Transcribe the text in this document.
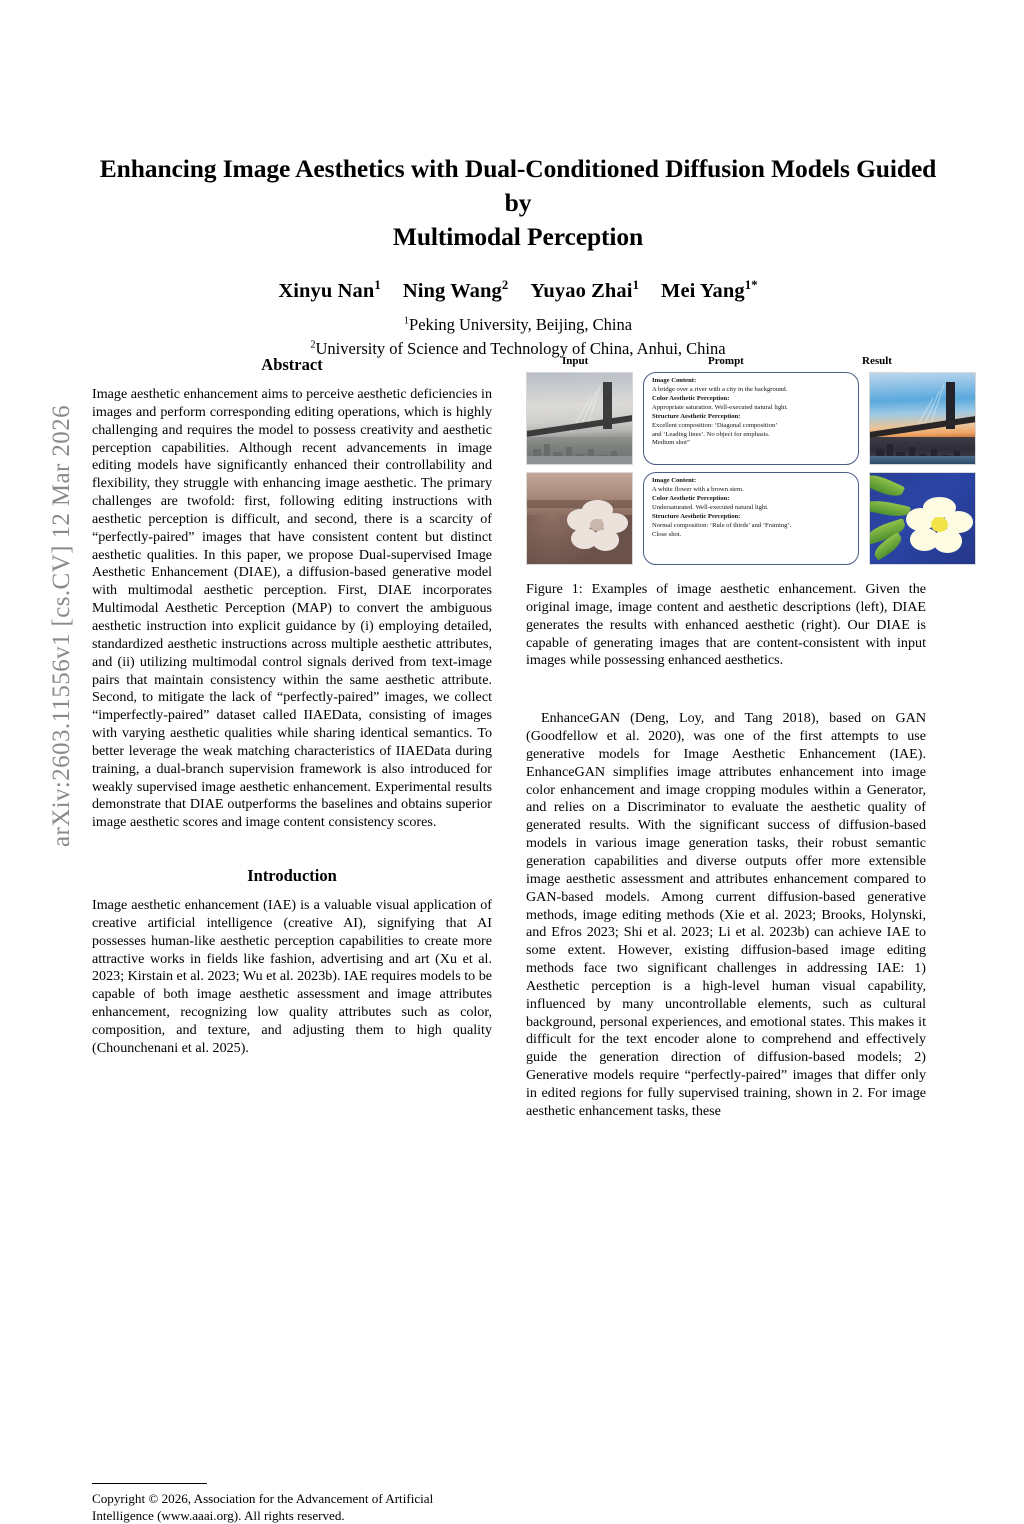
arXiv:2603.11556v1 [cs.CV] 12 Mar 2026
Enhancing Image Aesthetics with Dual-Conditioned Diffusion Models Guided by
Multimodal Perception
Xinyu Nan$^1$ Ning Wang$^2$ Yuyao Zhai$^1$ Mei Yang$^{1*}$
$^1$Peking University, Beijing, China
$^2$University of Science and Technology of China, Anhui, China
Abstract

Image aesthetic enhancement aims to perceive aesthetic deficiencies in images and perform corresponding editing operations, which is highly challenging and requires the model to possess creativity and aesthetic perception capabilities. Although recent advancements in image editing models have significantly enhanced their controllability and flexibility, they struggle with enhancing image aesthetic. The primary challenges are twofold: first, following editing instructions with aesthetic perception is difficult, and second, there is a scarcity of “perfectly-paired” images that have consistent content but distinct aesthetic qualities. In this paper, we propose Dual-supervised Image Aesthetic Enhancement (DIAE), a diffusion-based generative model with multimodal aesthetic perception. First, DIAE incorporates Multimodal Aesthetic Perception (MAP) to convert the ambiguous aesthetic instruction into explicit guidance by (i) employing detailed, standardized aesthetic instructions across multiple aesthetic attributes, and (ii) utilizing multimodal control signals derived from text-image pairs that maintain consistency within the same aesthetic attribute. Second, to mitigate the lack of “perfectly-paired” images, we collect “imperfectly-paired” dataset called IIAEData, consisting of images with varying aesthetic qualities while sharing identical semantics. To better leverage the weak matching characteristics of IIAEData during training, a dual-branch supervision framework is also introduced for weakly supervised image aesthetic enhancement. Experimental results demonstrate that DIAE outperforms the baselines and obtains superior image aesthetic scores and image content consistency scores.

Introduction

Image aesthetic enhancement (IAE) is a valuable visual application of creative artificial intelligence (creative AI), signifying that AI possesses human-like aesthetic perception capabilities to create more attractive works in fields like fashion, advertising and art (Xu et al. 2023; Kirstain et al. 2023; Wu et al. 2023b). IAE requires models to be capable of both image aesthetic assessment and image attributes enhancement, recognizing low quality attributes such as color, composition, and texture, and adjusting them to high quality (Chounchenani et al. 2025).

Copyright © 2026, Association for the Advancement of Artificial Intelligence (www.aaai.org). All rights reserved.

Input	Prompt	Result
Image Content:
A bridge over a river with a city in the background.
Color Aesthetic Perception:
Appropriate saturation. Well-executed natural light.
Structure Aesthetic Perception:
Excellent composition: ‘Diagonal composition’
and ‘Leading lines’. No object for emphasis.
Medium shot”
Image Content:
A white flower with a brown stem.
Color Aesthetic Perception:
Undersaturated. Well-executed natural light.
Structure Aesthetic Perception:
Normal composition: ‘Rule of thirds’ and ‘Framing’.
Close shot.
Figure 1: Examples of image aesthetic enhancement. Given the original image, image content and aesthetic descriptions (left), DIAE generates the results with enhanced aesthetic (right). Our DIAE is capable of generating images that are content-consistent with input images while possessing enhanced aesthetics.

EnhanceGAN (Deng, Loy, and Tang 2018), based on GAN (Goodfellow et al. 2020), was one of the first attempts to use generative models for Image Aesthetic Enhancement (IAE). EnhanceGAN simplifies image attributes enhancement into image color enhancement and image cropping modules within a Generator, and relies on a Discriminator to evaluate the aesthetic quality of generated results. With the significant success of diffusion-based models in various image generation tasks, their robust semantic generation capabilities and diverse outputs offer more extensible image aesthetic assessment and attributes enhancement compared to GAN-based models. Among current diffusion-based generative methods, image editing methods (Xie et al. 2023; Brooks, Holynski, and Efros 2023; Shi et al. 2023; Li et al. 2023b) can achieve IAE to some extent. However, existing diffusion-based image editing methods face two significant challenges in addressing IAE: 1) Aesthetic perception is a high-level human visual capability, influenced by many uncontrollable elements, such as cultural background, personal experiences, and emotional states. This makes it difficult for the text encoder alone to comprehend and effectively guide the generation direction of diffusion-based models; 2) Generative models require “perfectly-paired” images that differ only in edited regions for fully supervised training, shown in 2. For image aesthetic enhancement tasks, these
